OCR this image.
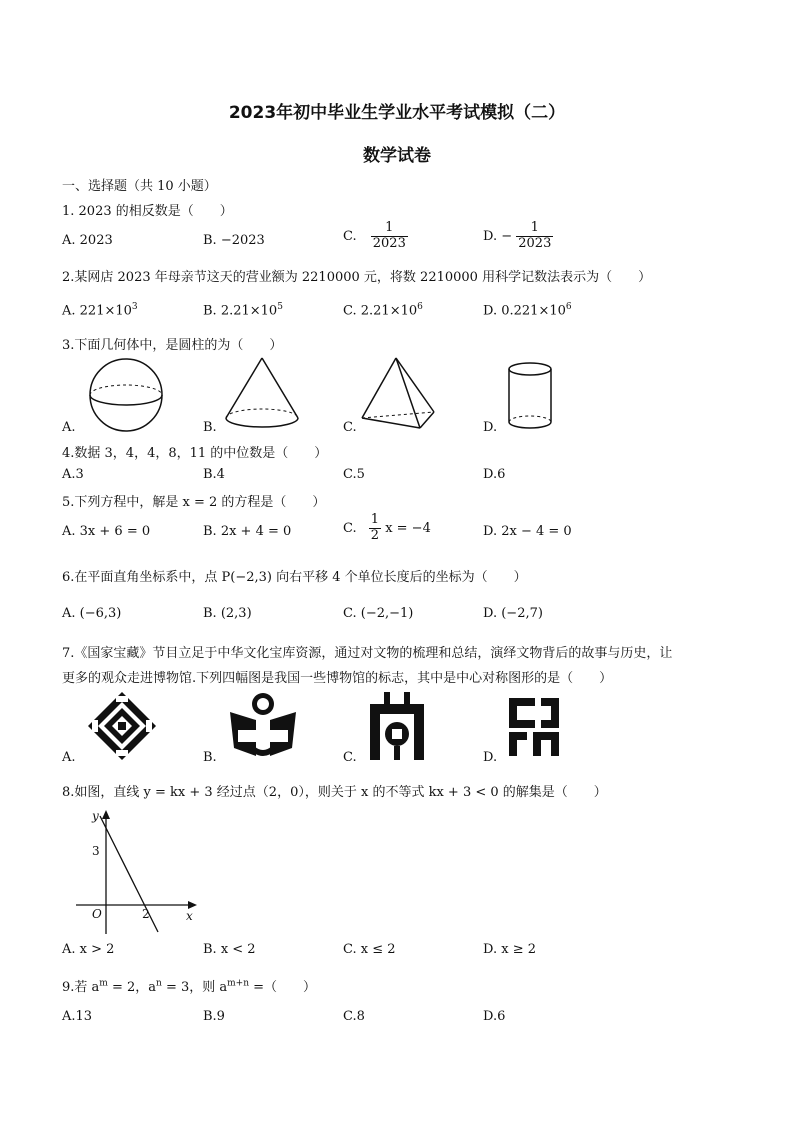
2023年初中毕业生学业水平考试模拟（二）
数学试卷
一、选择题（共 10 小题）
1. 2023 的相反数是（　　）
A. 2023	B. −2023	C. $\frac{1}{2023}$	D. − $\frac{1}{2023}$
2.某网店 2023 年母亲节这天的营业额为 2210000 元，将数 2210000 用科学记数法表示为（　　）
A. $221\times 10^3$	B. $2.21\times 10^5$	C. $2.21\times 10^6$	D. $0.221\times 10^6$
3.下面几何体中，是圆柱的为（　　）
A.	B.	C.	D.
4.数据 3，4，4，8，11 的中位数是（　　）
A.3	B.4	C.5	D.6
5.下列方程中，解是 x = 2 的方程是（　　）
A. 3x + 6 = 0	B. 2x + 4 = 0	C. $\frac{1}{2}$ x = −4	D. 2x − 4 = 0
6.在平面直角坐标系中，点 P(−2,3) 向右平移 4 个单位长度后的坐标为（　　）
A. (−6,3)	B. (2,3)	C. (−2,−1)	D. (−2,7)
7.《国家宝藏》节目立足于中华文化宝库资源，通过对文物的梳理和总结，演绎文物背后的故事与历史，让
更多的观众走进博物馆.下列四幅图是我国一些博物馆的标志，其中是中心对称图形的是（　　）
A.	B.	C.	D.
8.如图，直线 y = kx + 3 经过点（2，0），则关于 x 的不等式 kx + 3 < 0 的解集是（　　）
y
x
3
O	2
A. x > 2	B. x < 2	C. x ≤ 2	D. x ≥ 2
9.若 $a^m = 2$，$a^n = 3$，则 $a^{m+n}$ =（　　）
A.13	B.9	C.8	D.6
